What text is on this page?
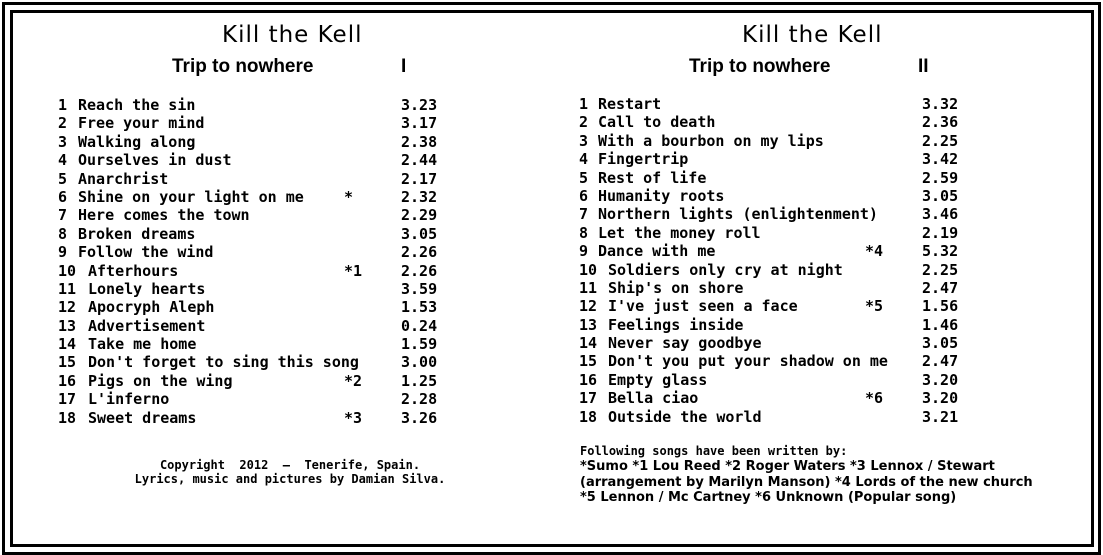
Kill the Kell
Trip to nowhere	I
1 Reach the sin	3.23
2 Free your mind	3.17
3 Walking along	2.38
4 Ourselves in dust	2.44
5 Anarchrist	2.17
6 Shine on your light on me	*	2.32
7 Here comes the town	2.29
8 Broken dreams	3.05
9 Follow the wind	2.26
10 Afterhours	*1	2.26
11 Lonely hearts	3.59
12 Apocryph Aleph	1.53
13 Advertisement	0.24
14 Take me home	1.59
15 Don't forget to sing this song	3.00
16 Pigs on the wing	*2	1.25
17 L'inferno	2.28
18 Sweet dreams	*3	3.26
Copyright  2012  –  Tenerife, Spain.
Lyrics, music and pictures by Damian Silva.
Kill the Kell
Trip to nowhere	II
1 Restart	3.32
2 Call to death	2.36
3 With a bourbon on my lips	2.25
4 Fingertrip	3.42
5 Rest of life	2.59
6 Humanity roots	3.05
7 Northern lights (enlightenment)	3.46
8 Let the money roll	2.19
9 Dance with me	*4	5.32
10 Soldiers only cry at night	2.25
11 Ship's on shore	2.47
12 I've just seen a face	*5	1.56
13 Feelings inside	1.46
14 Never say goodbye	3.05
15 Don't you put your shadow on me 2.47
16 Empty glass	3.20
17 Bella ciao	*6	3.20
18 Outside the world	3.21
Following songs have been written by:
*Sumo *1 Lou Reed *2 Roger Waters *3 Lennox / Stewart
(arrangement by Marilyn Manson) *4 Lords of the new church
*5 Lennon / Mc Cartney *6 Unknown (Popular song)
